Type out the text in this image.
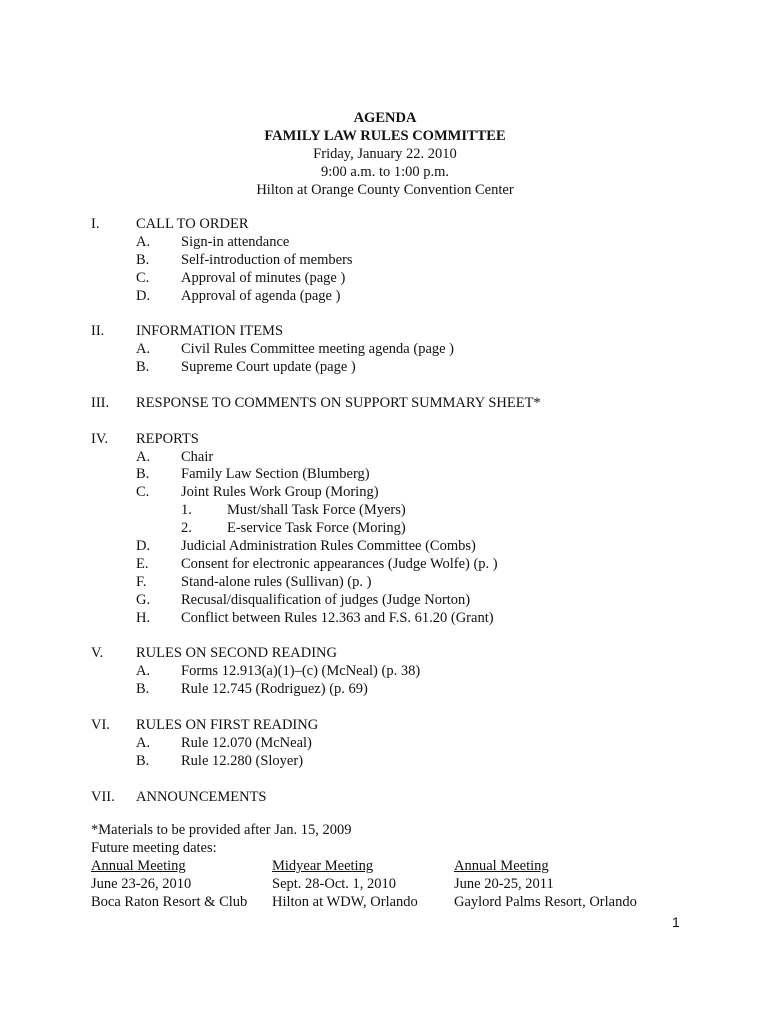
AGENDA
FAMILY LAW RULES COMMITTEE
Friday, January 22. 2010
9:00 a.m. to 1:00 p.m.
Hilton at Orange County Convention Center
I.	CALL TO ORDER
A. Sign-in attendance
B. Self-introduction of members
C. Approval of minutes (page )
D. Approval of agenda (page )
II. INFORMATION ITEMS
A. Civil Rules Committee meeting agenda (page )
B. Supreme Court update (page )
III. RESPONSE TO COMMENTS ON SUPPORT SUMMARY SHEET*
IV. REPORTS
A. Chair
B. Family Law Section (Blumberg)
C. Joint Rules Work Group (Moring)
1. Must/shall Task Force (Myers)
2. E-service Task Force (Moring)
D. Judicial Administration Rules Committee (Combs)
E. Consent for electronic appearances (Judge Wolfe) (p. )
F. Stand-alone rules (Sullivan) (p. )
G. Recusal/disqualification of judges (Judge Norton)
H. Conflict between Rules 12.363 and F.S. 61.20 (Grant)
V. RULES ON SECOND READING
A. Forms 12.913(a)(1)–(c) (McNeal) (p. 38)
B. Rule 12.745 (Rodriguez) (p. 69)
VI. RULES ON FIRST READING
A. Rule 12.070 (McNeal)
B. Rule 12.280 (Sloyer)
VII. ANNOUNCEMENTS
*Materials to be provided after Jan. 15, 2009
Future meeting dates:
Annual Meeting
June 23-26, 2010
Boca Raton Resort & Club
Midyear Meeting
Sept. 28-Oct. 1, 2010
Hilton at WDW, Orlando
Annual Meeting
June 20-25, 2011
Gaylord Palms Resort, Orlando
1
